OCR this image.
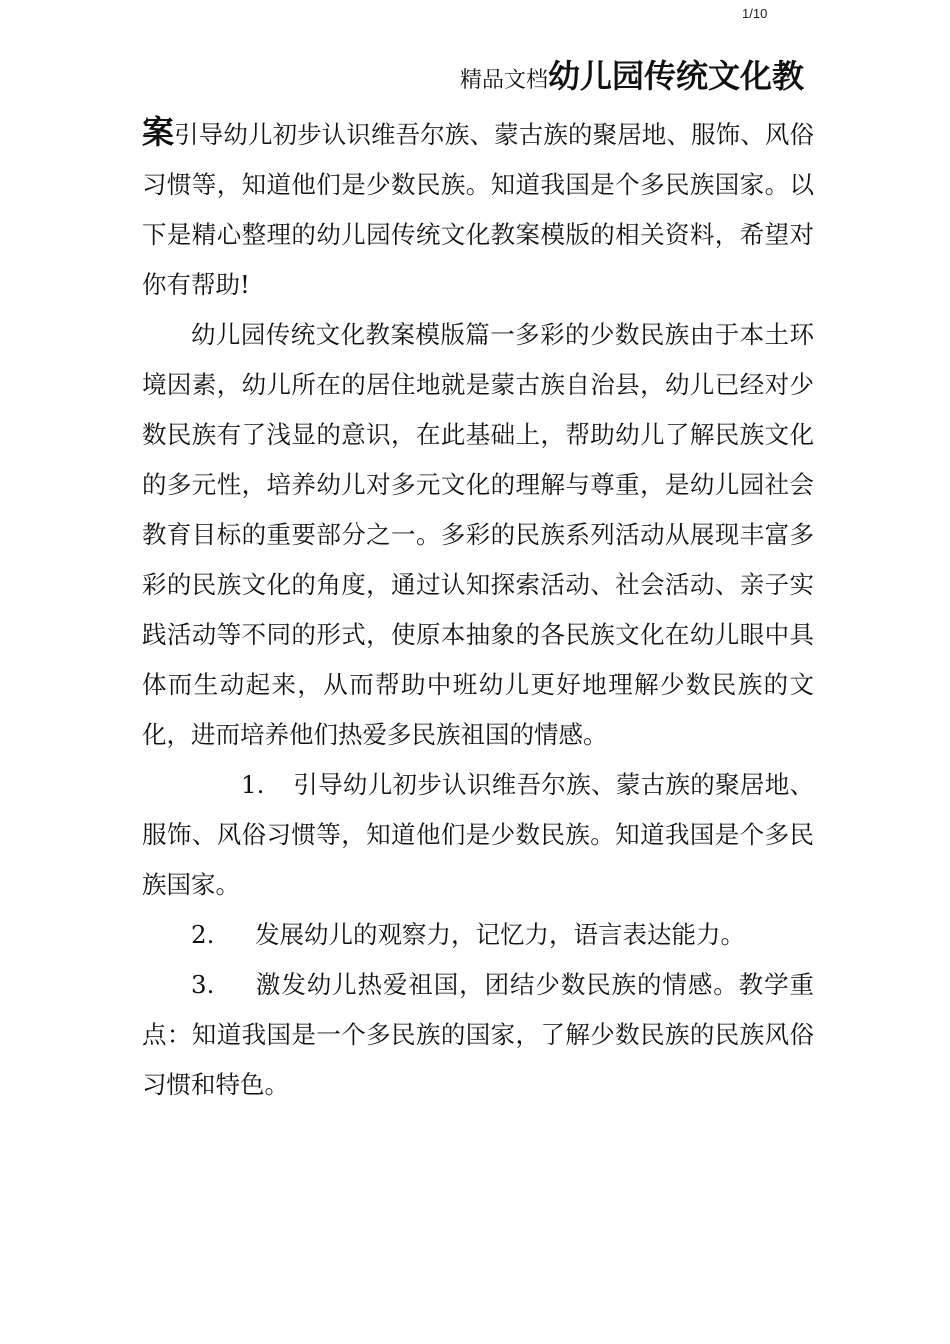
1/10
精品文档幼儿园传统文化教

案引导幼儿初步认识维吾尔族、蒙古族的聚居地、服饰、风俗习惯等，知道他们是少数民族。知道我国是个多民族国家。以下是精心整理的幼儿园传统文化教案模版的相关资料，希望对你有帮助!

幼儿园传统文化教案模版篇一多彩的少数民族由于本土环境因素，幼儿所在的居住地就是蒙古族自治县，幼儿已经对少数民族有了浅显的意识，在此基础上，帮助幼儿了解民族文化的多元性，培养幼儿对多元文化的理解与尊重，是幼儿园社会教育目标的重要部分之一。多彩的民族系列活动从展现丰富多彩的民族文化的角度，通过认知探索活动、社会活动、亲子实践活动等不同的形式，使原本抽象的各民族文化在幼儿眼中具体而生动起来，从而帮助中班幼儿更好地理解少数民族的文化，进而培养他们热爱多民族祖国的情感。

1. 引导幼儿初步认识维吾尔族、蒙古族的聚居地、服饰、风俗习惯等，知道他们是少数民族。知道我国是个多民族国家。

2. 发展幼儿的观察力，记忆力，语言表达能力。

3. 激发幼儿热爱祖国，团结少数民族的情感。教学重点：知道我国是一个多民族的国家，了解少数民族的民族风俗习惯和特色。
